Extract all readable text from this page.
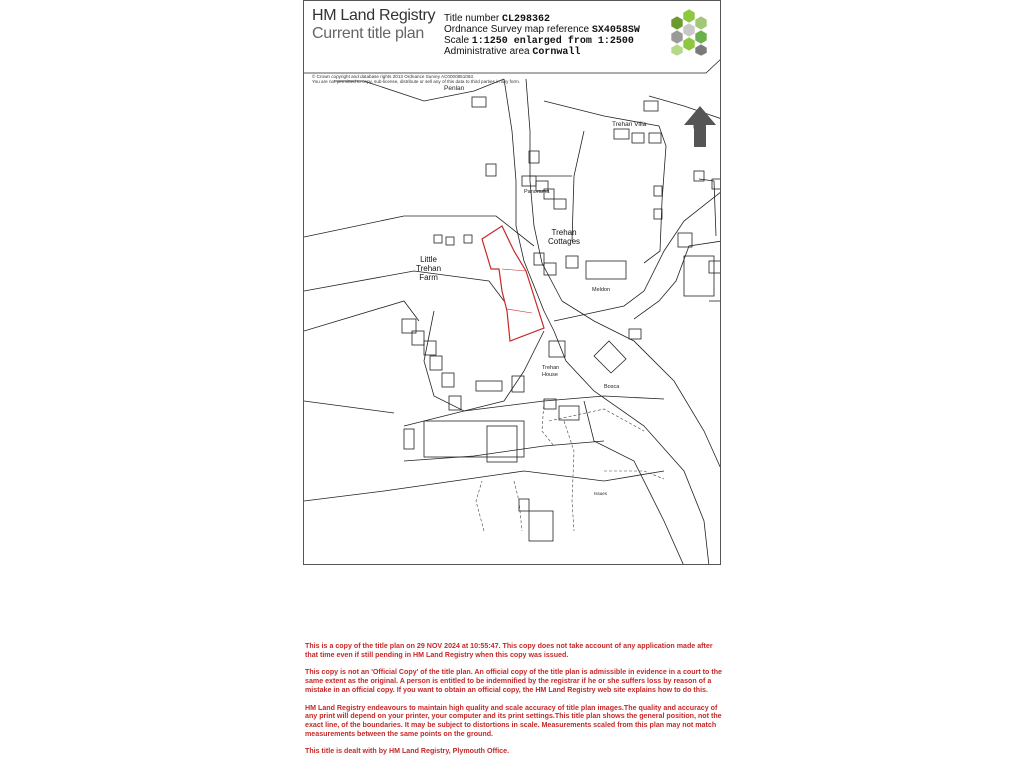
HM Land Registry
Current title plan
Title number CL298362
Ordnance Survey map reference SX4058SW
Scale 1:1250 enlarged from 1:2500
Administrative area Cornwall
© Crown copyright and database rights 2013 Ordnance Survey AC0000851063.
You are not permitted to copy, sub-license, distribute or sell any of this data to third parties in any form.
Penlan
Trehan Villa
Panorama
Trehan
Cottages
Little
Trehan
Farm
Meldon
Trehan
House
Bosca
Issues

This is a copy of the title plan on 29 NOV 2024 at 10:55:47. This copy does not take account of any application made after that time even if still pending in HM Land Registry when this copy was issued.

This copy is not an 'Official Copy' of the title plan. An official copy of the title plan is admissible in evidence in a court to the same extent as the original. A person is entitled to be indemnified by the registrar if he or she suffers loss by reason of a mistake in an official copy. If you want to obtain an official copy, the HM Land Registry web site explains how to do this.

HM Land Registry endeavours to maintain high quality and scale accuracy of title plan images.The quality and accuracy of any print will depend on your printer, your computer and its print settings.This title plan shows the general position, not the exact line, of the boundaries. It may be subject to distortions in scale. Measurements scaled from this plan may not match measurements between the same points on the ground.

This title is dealt with by HM Land Registry, Plymouth Office.
